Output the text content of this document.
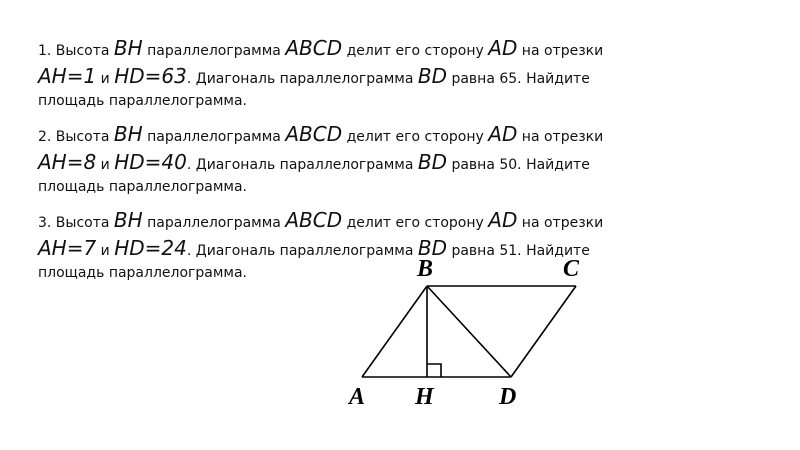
1. Высота BH параллелограмма ABCD делит его сторону AD на отрезки
AH=1 и HD=63 . Диагональ параллелограмма BD равна 65. Найдите
площадь параллелограмма.
2. Высота BH параллелограмма ABCD делит его сторону AD на отрезки
AH=8 и HD=40 . Диагональ параллелограмма BD равна 50. Найдите
площадь параллелограмма.
3. Высота BH параллелограмма ABCD делит его сторону AD на отрезки
AH=7 и HD=24 . Диагональ параллелограмма BD равна 51. Найдите
площадь параллелограмма.	B	C
A H	D
